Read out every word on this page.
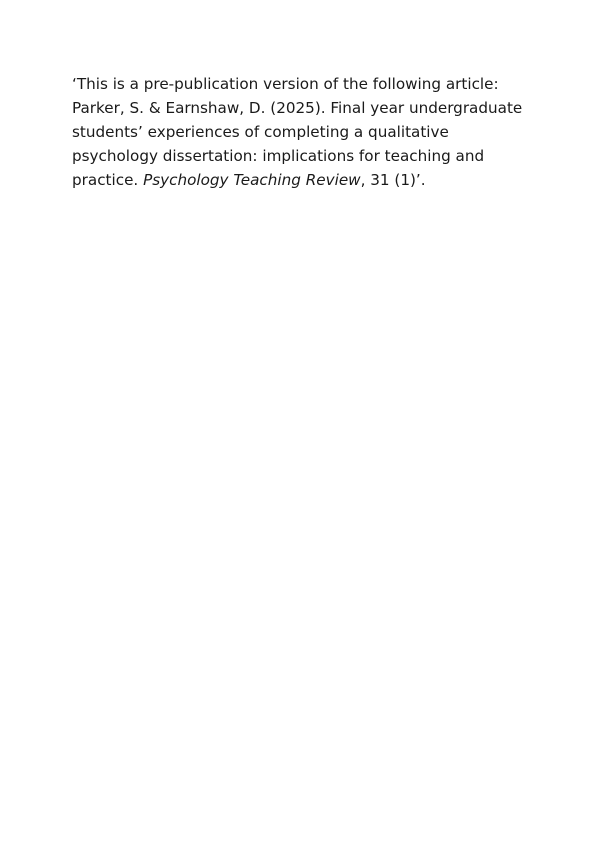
‘This is a pre-publication version of the following article: Parker, S. & Earnshaw, D. (2025). Final year undergraduate students’ experiences of completing a qualitative psychology dissertation: implications for teaching and practice. Psychology Teaching Review, 31 (1)’.
